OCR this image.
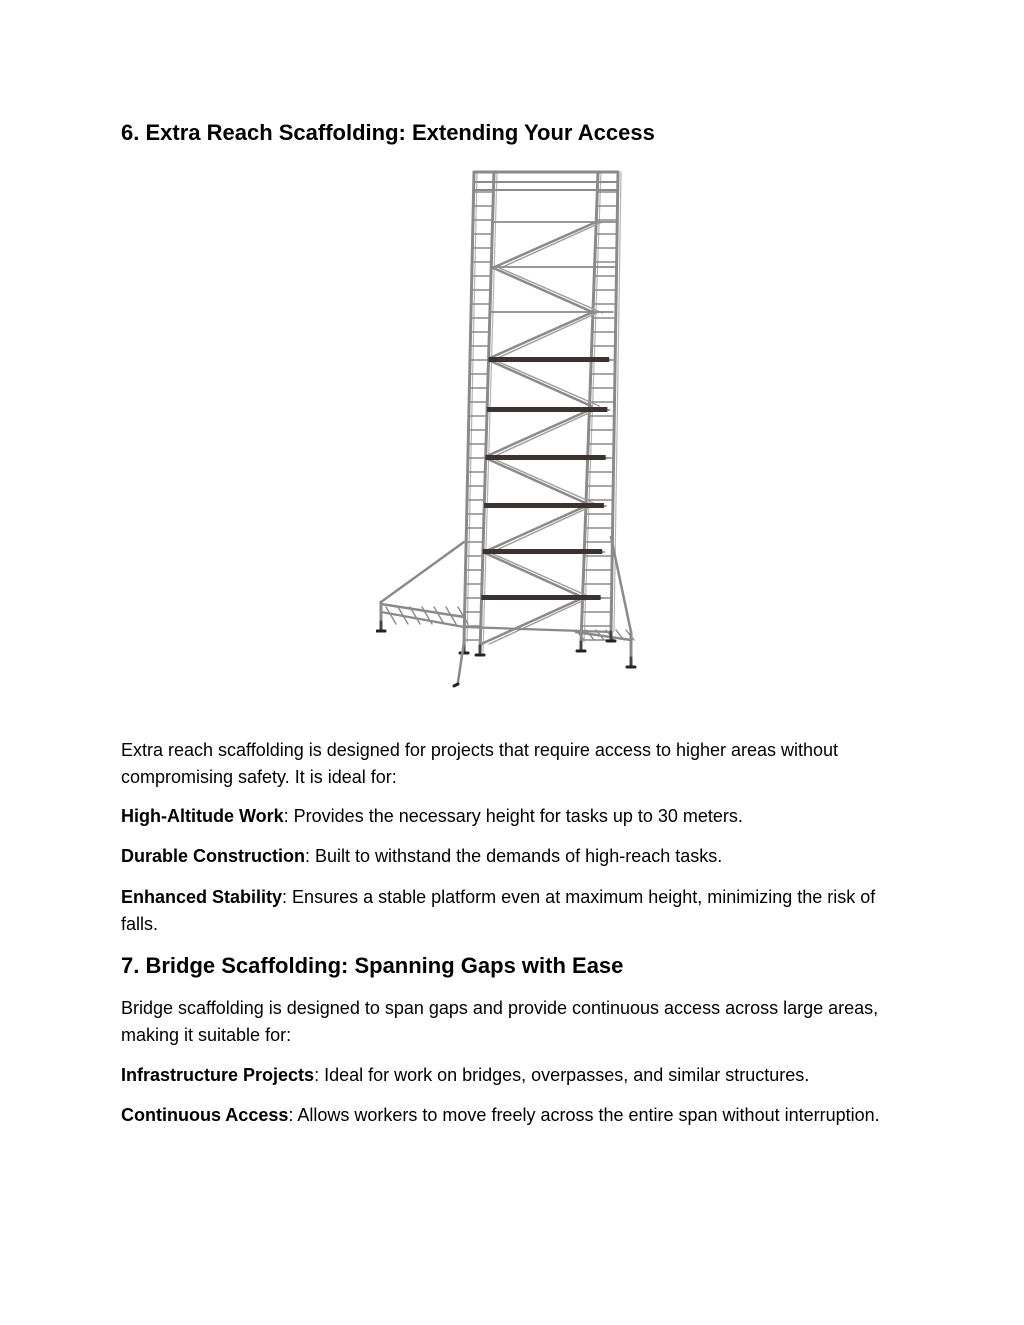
6. Extra Reach Scaffolding: Extending Your Access

Extra reach scaffolding is designed for projects that require access to higher areas without compromising safety. It is ideal for:

High-Altitude Work: Provides the necessary height for tasks up to 30 meters.

Durable Construction: Built to withstand the demands of high-reach tasks.

Enhanced Stability: Ensures a stable platform even at maximum height, minimizing the risk of falls.

7. Bridge Scaffolding: Spanning Gaps with Ease

Bridge scaffolding is designed to span gaps and provide continuous access across large areas, making it suitable for:

Infrastructure Projects: Ideal for work on bridges, overpasses, and similar structures.

Continuous Access: Allows workers to move freely across the entire span without interruption.
